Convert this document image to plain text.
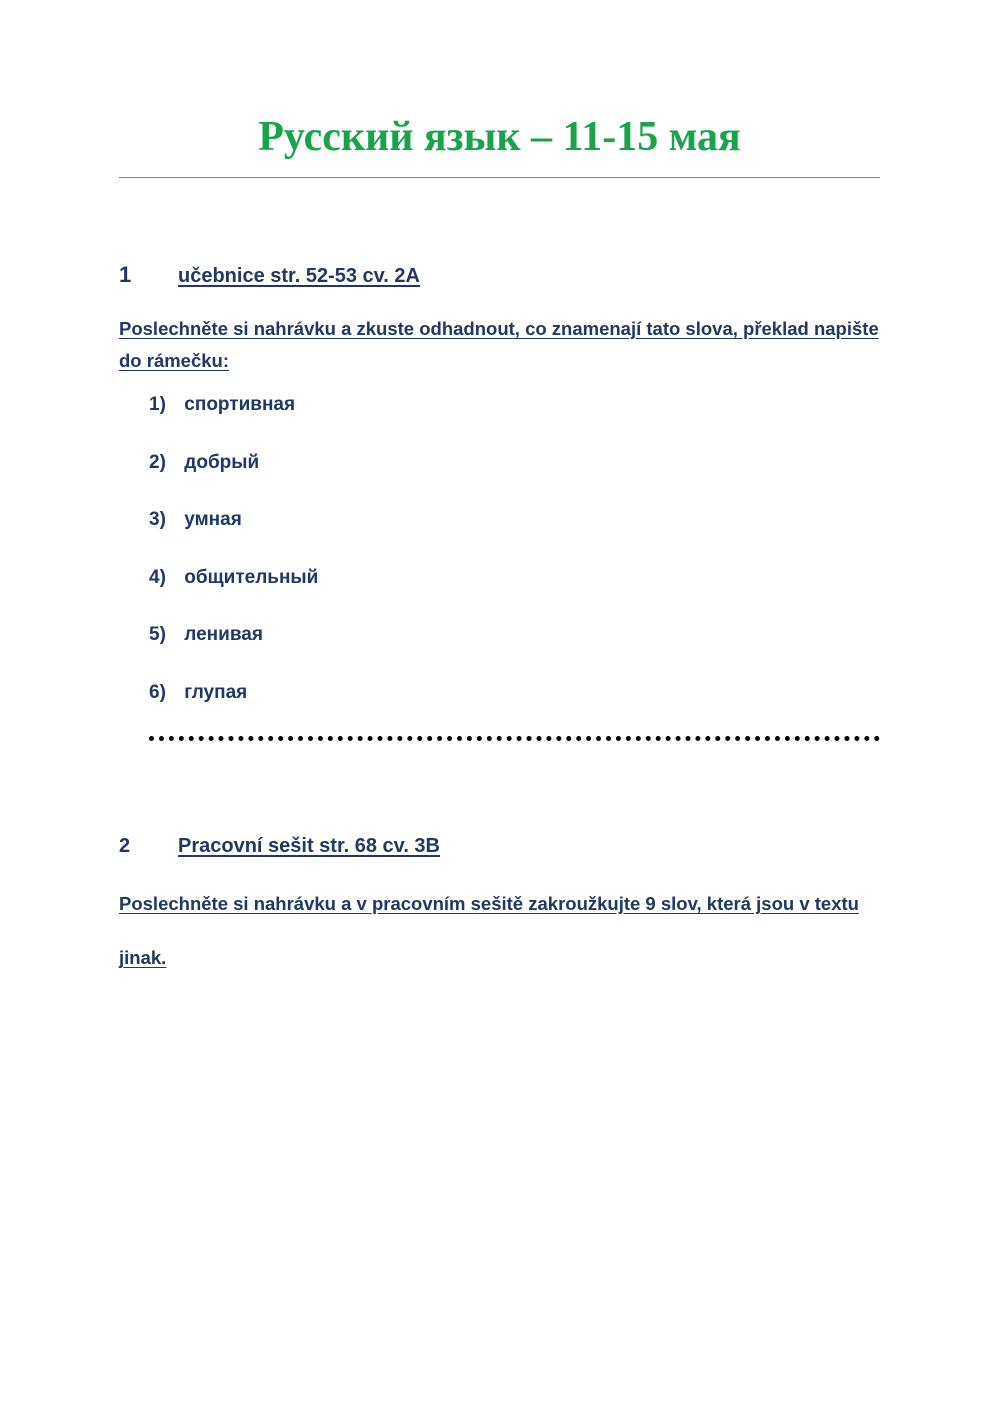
Русский язык – 11-15 мая
1 učebnice str. 52-53 cv. 2A

Poslechněte si nahrávku a zkuste odhadnout, co znamenají tato slova, překlad napište do rámečku:

1) спортивная
2) добрый
3) умная
4) общительный
5) ленивая
6) глупая
2 Pracovní sešit str. 68 cv. 3B

Poslechněte si nahrávku a v pracovním sešitě zakroužkujte 9 slov, která jsou v textu

jinak.
